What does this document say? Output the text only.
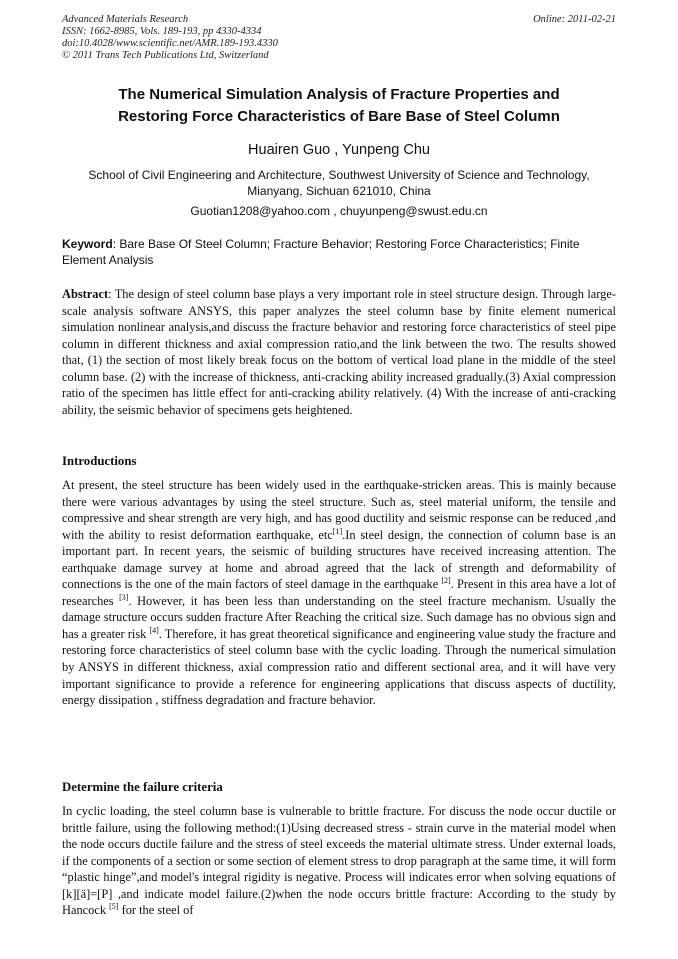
Advanced Materials Research
ISSN: 1662-8985, Vols. 189-193, pp 4330-4334
doi:10.4028/www.scientific.net/AMR.189-193.4330
© 2011 Trans Tech Publications Ltd, Switzerland
Online: 2011-02-21
The Numerical Simulation Analysis of Fracture Properties and
Restoring Force Characteristics of Bare Base of Steel Column
Huairen Guo , Yunpeng Chu
School of Civil Engineering and Architecture, Southwest University of Science and Technology,
Mianyang, Sichuan 621010, China
Guotian1208@yahoo.com , chuyunpeng@swust.edu.cn
Keyword: Bare Base Of Steel Column; Fracture Behavior; Restoring Force Characteristics; Finite Element Analysis
Abstract: The design of steel column base plays a very important role in steel structure design. Through large-scale analysis software ANSYS, this paper analyzes the steel column base by finite element numerical simulation nonlinear analysis,and discuss the fracture behavior and restoring force characteristics of steel pipe column in different thickness and axial compression ratio,and the link between the two. The results showed that, (1) the section of most likely break focus on the bottom of vertical load plane in the middle of the steel column base. (2) with the increase of thickness, anti-cracking ability increased gradually.(3) Axial compression ratio of the specimen has little effect for anti-cracking ability relatively. (4) With the increase of anti-cracking ability, the seismic behavior of specimens gets heightened.
Introductions
At present, the steel structure has been widely used in the earthquake-stricken areas. This is mainly because there were various advantages by using the steel structure. Such as, steel material uniform, the tensile and compressive and shear strength are very high, and has good ductility and seismic response can be reduced ,and with the ability to resist deformation earthquake, etc[1].In steel design, the connection of column base is an important part. In recent years, the seismic of building structures have received increasing attention. The earthquake damage survey at home and abroad agreed that the lack of strength and deformability of connections is the one of the main factors of steel damage in the earthquake [2]. Present in this area have a lot of researches [3]. However, it has been less than understanding on the steel fracture mechanism. Usually the damage structure occurs sudden fracture After Reaching the critical size. Such damage has no obvious sign and has a greater risk [4]. Therefore, it has great theoretical significance and engineering value study the fracture and restoring force characteristics of steel column base with the cyclic loading. Through the numerical simulation by ANSYS in different thickness, axial compression ratio and different sectional area, and it will have very important significance to provide a reference for engineering applications that discuss aspects of ductility, energy dissipation , stiffness degradation and fracture behavior.
Determine the failure criteria
In cyclic loading, the steel column base is vulnerable to brittle fracture. For discuss the node occur ductile or brittle failure, using the following method:(1)Using decreased stress - strain curve in the material model when the node occurs ductile failure and the stress of steel exceeds the material ultimate stress. Under external loads, if the components of a section or some section of element stress to drop paragraph at the same time, it will form “plastic hinge”,and model's integral rigidity is negative. Process will indicates error when solving equations of [k][ä]=[P] ,and indicate model failure.(2)when the node occurs brittle fracture: According to the study by Hancock [5] for the steel of
